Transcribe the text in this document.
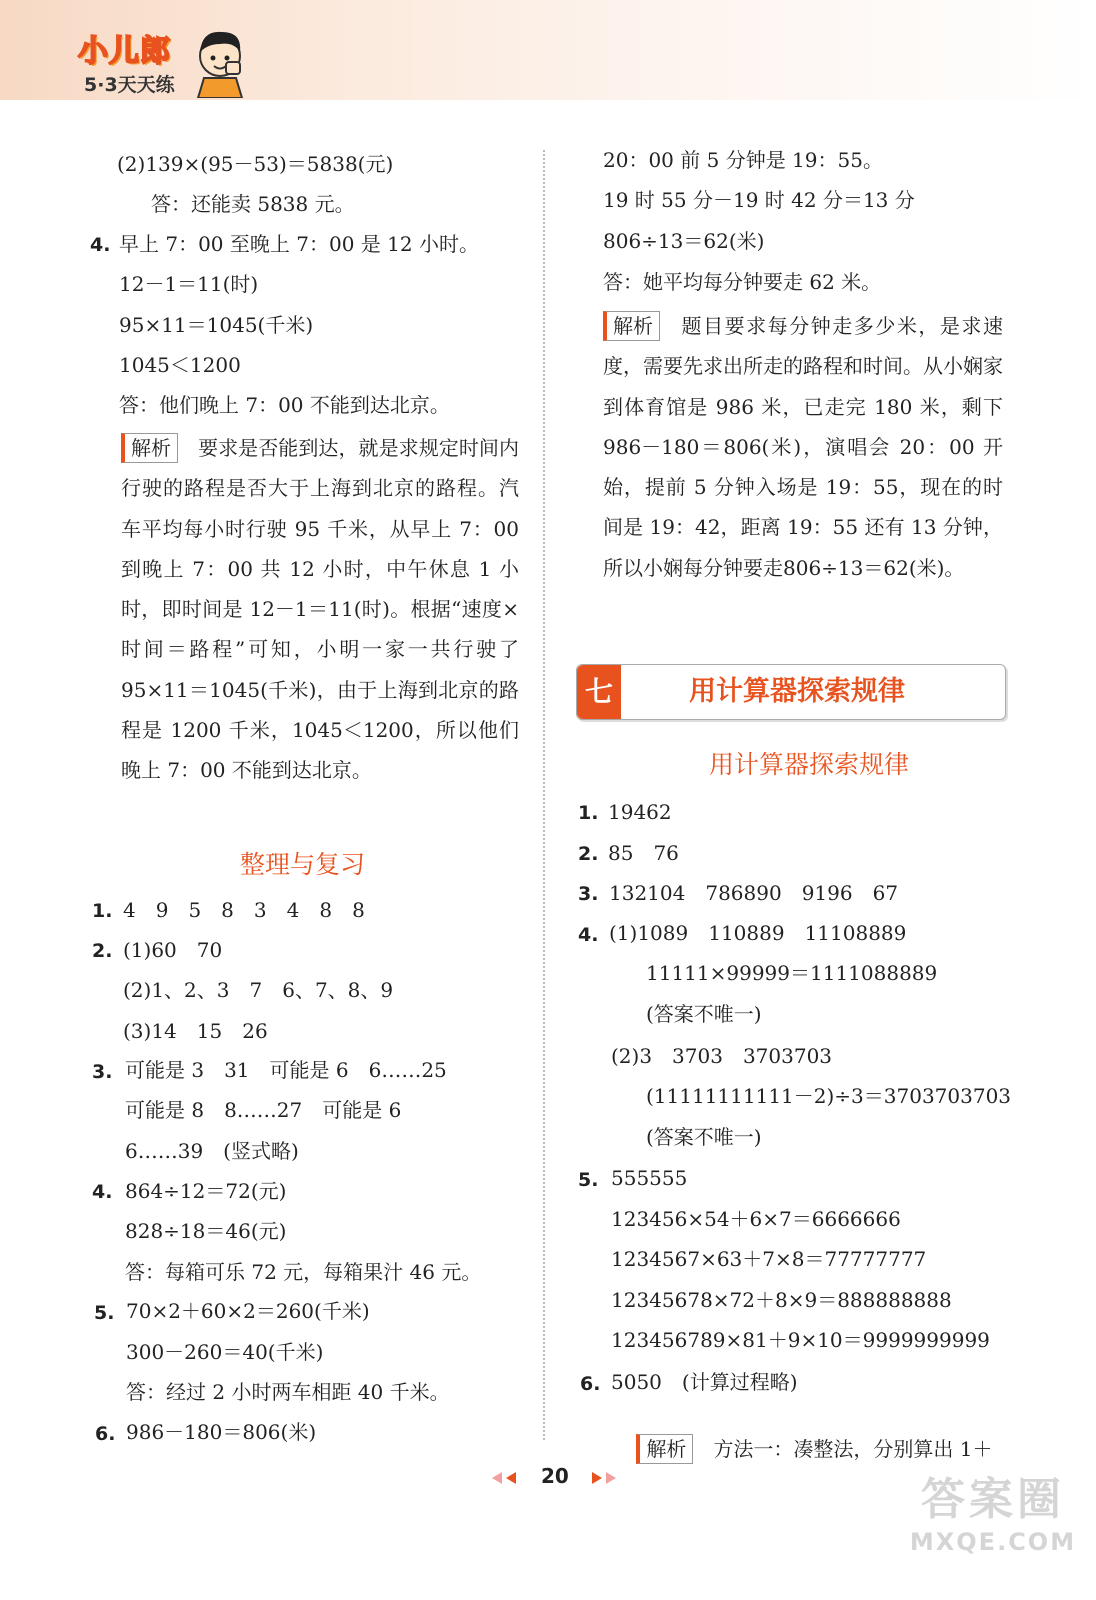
小儿郎
5·3天天练
(2)139×(95－53)＝5838(元)
答：还能卖 5838 元。
4. 早上 7：00 至晚上 7：00 是 12 小时。
12－1＝11(时)
95×11＝1045(千米)
1045＜1200
答：他们晚上 7：00 不能到达北京。
解析 要求是否能到达，就是求规定时间内行驶的路程是否大于上海到北京的路程。汽车平均每小时行驶 95 千米，从早上 7：00 到晚上 7：00 共 12 小时，中午休息 1 小时，即时间是 12－1＝11(时)。根据“速度×时间＝路程”可知，小明一家一共行驶了 95×11＝1045(千米)，由于上海到北京的路程是 1200 千米，1045＜1200，所以他们晚上 7：00 不能到达北京。
整理与复习
1. 4　9　5　8　3　4　8　8
2. (1)60　70
(2)1、2、3　7　6、7、8、9
(3)14　15　26
3. 可能是 3　31　可能是 6　6……25
可能是 8　8……27　可能是 6
6……39　(竖式略)
4. 864÷12＝72(元)
828÷18＝46(元)
答：每箱可乐 72 元，每箱果汁 46 元。
5. 70×2＋60×2＝260(千米)
300－260＝40(千米)
答：经过 2 小时两车相距 40 千米。
6. 986－180＝806(米)
20：00 前 5 分钟是 19：55。
19 时 55 分－19 时 42 分＝13 分
806÷13＝62(米)
答：她平均每分钟要走 62 米。
解析 题目要求每分钟走多少米，是求速度，需要先求出所走的路程和时间。从小娴家到体育馆是 986 米，已走完 180 米，剩下 986－180＝806(米)，演唱会 20：00 开始，提前 5 分钟入场是 19：55，现在的时间是 19：42，距离 19：55 还有 13 分钟，所以小娴每分钟要走806÷13＝62(米)。
用计算器探索规律
1. 19462
2. 85　76
3. 132104　786890　9196　67
4. (1)1089　110889　11108889
11111×99999＝1111088889
(答案不唯一)
(2)3　3703　3703703
(11111111111－2)÷3＝3703703703
(答案不唯一)
5. 555555
123456×54＋6×7＝6666666
1234567×63＋7×8＝77777777
12345678×72＋8×9＝888888888
123456789×81＋9×10＝9999999999
6. 5050　(计算过程略)

解析 方法一：凑整法，分别算出 1＋

七	用计算器探索规律
20	答案圈
MXQE.COM
